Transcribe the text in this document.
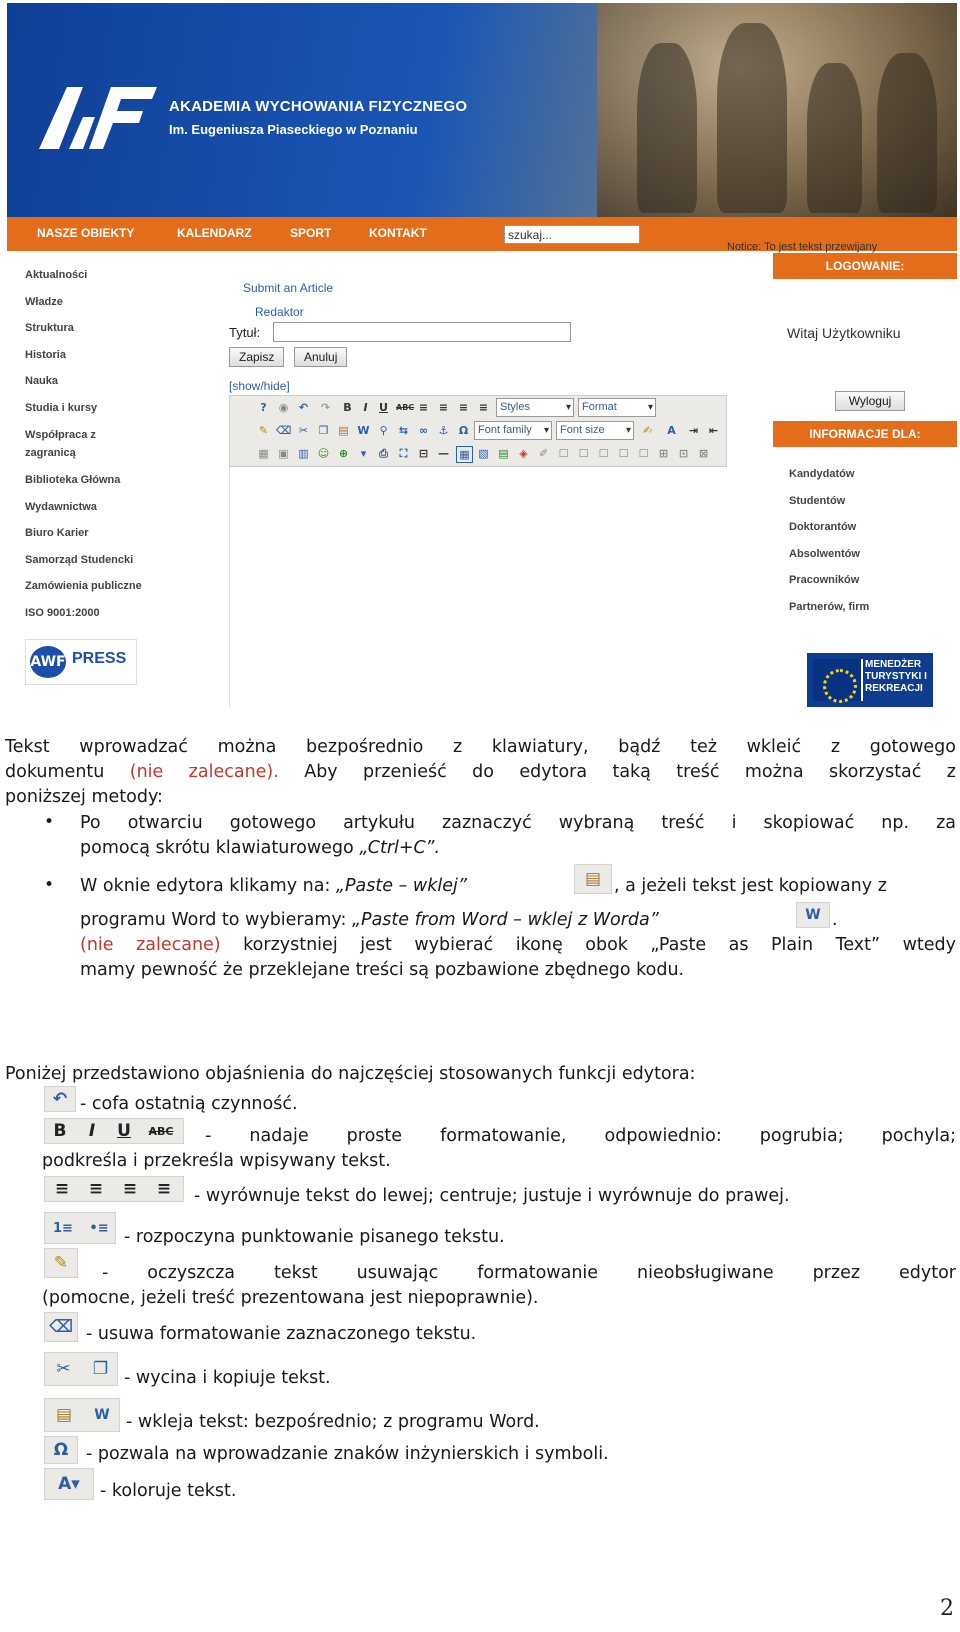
AKADEMIA WYCHOWANIA FIZYCZNEGO
Im. Eugeniusza Piaseckiego w Poznaniu
NASZE OBIEKTY	KALENDARZ	SPORT	KONTAKT	szukaj...
Notice: To jest tekst przewijany
Aktualności
Władze
Struktura
Historia
Nauka
Studia i kursy
Współpraca z
zagranicą
Biblioteka Główna
Wydawnictwa
Biuro Karier
Samorząd Studencki
Zamówienia publiczne
ISO 9001:2000
AWF PRESS
Submit an Article
Redaktor
Tytuł:
Zapisz	Anuluj
[show/hide]
?	◉ ↶ ↷ B	I	U	ABC ≡ ≡ ≡ ≡	Styles ▾	Format ▾
✎ ⌫ ✂ ❐ ▤ W ⚲	⇆ ∞ ⚓ Ω Font family ▾	Font size ▾	✍ A ⇥ ⇤
▦ ▣ ▥ ☺ ⊕	▾	⎙	⛶	⊟ — ▦ ▧ ▤ ◈ ✐ ☐ ☐ ☐ ☐ ☐ ⊞ ⊡ ⊠
LOGOWANIE:
Witaj Użytkowniku
Wyloguj
INFORMACJE DLA:
Kandydatów
Studentów
Doktorantów
Absolwentów
Pracowników
Partnerów, firm
MENEDŻER TURYSTYKI I REKREACJI
Tekst wprowadzać można bezpośrednio z klawiatury, bądź też wkleić z gotowego
dokumentu (nie zalecane). Aby przenieść do edytora taką treść można skorzystać z
poniższej metody:
• Po otwarciu gotowego artykułu zaznaczyć wybraną treść i skopiować np. za
pomocą skrótu klawiaturowego „Ctrl+C”.
• W oknie edytora klikamy na: „Paste – wklej”	▤ , a jeżeli tekst jest kopiowany z
programu Word to wybieramy: „Paste from Word – wklej z Worda”	W .
(nie zalecane) korzystniej jest wybierać ikonę obok „Paste as Plain Text” wtedy
mamy pewność że przeklejane treści są pozbawione zbędnego kodu.
Poniżej przedstawiono objaśnienia do najczęściej stosowanych funkcji edytora:
↶ - cofa ostatnią czynność.
B	I	U	ABC	- nadaje proste formatowanie, odpowiednio: pogrubia; pochyla;
podkreśla i przekreśla wpisywany tekst.
≡	≡	≡	≡	- wyrównuje tekst do lewej; centruje; justuje i wyrównuje do prawej.
1≡	•≡ - rozpoczyna punktowanie pisanego tekstu.
✎	- oczyszcza tekst usuwając formatowanie nieobsługiwane przez edytor
(pomocne, jeżeli treść prezentowana jest niepoprawnie).
⌫ - usuwa formatowanie zaznaczonego tekstu.
✂	❐ - wycina i kopiuje tekst.
▤	W - wkleja tekst: bezpośrednio; z programu Word.
Ω	- pozwala na wprowadzanie znaków inżynierskich i symboli.
A▾	- koloruje tekst.
2
